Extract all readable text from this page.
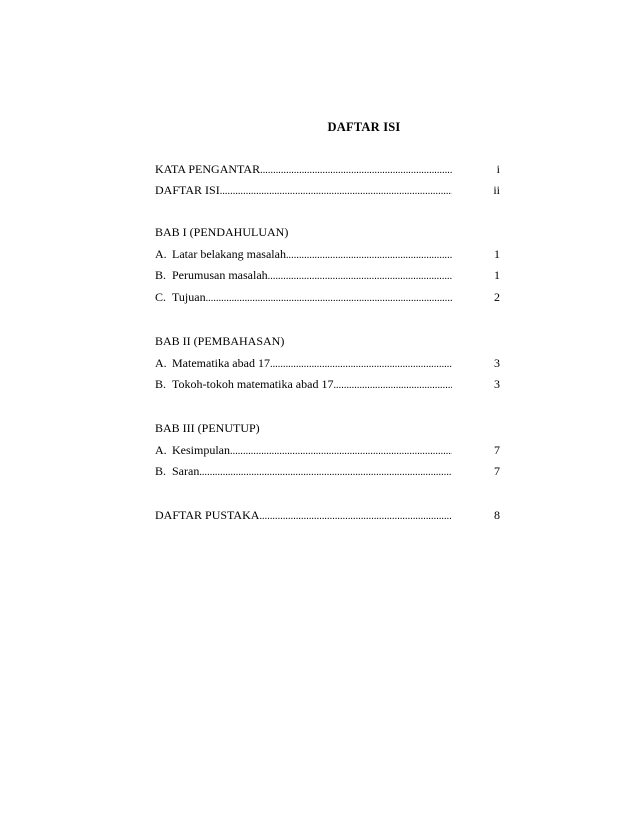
DAFTAR ISI
KATA PENGANTAR .....	i
DAFTAR ISI .....	ii
BAB I (PENDAHULUAN)
A. Latar belakang masalah .....	1
B. Perumusan masalah .....	1
C. Tujuan .....	2
BAB II (PEMBAHASAN)
A. Matematika abad 17 .....	3
B. Tokoh-tokoh matematika abad 17 .....	3
BAB III (PENUTUP)
A. Kesimpulan .....	7
B. Saran .....	7
DAFTAR PUSTAKA .....	8
